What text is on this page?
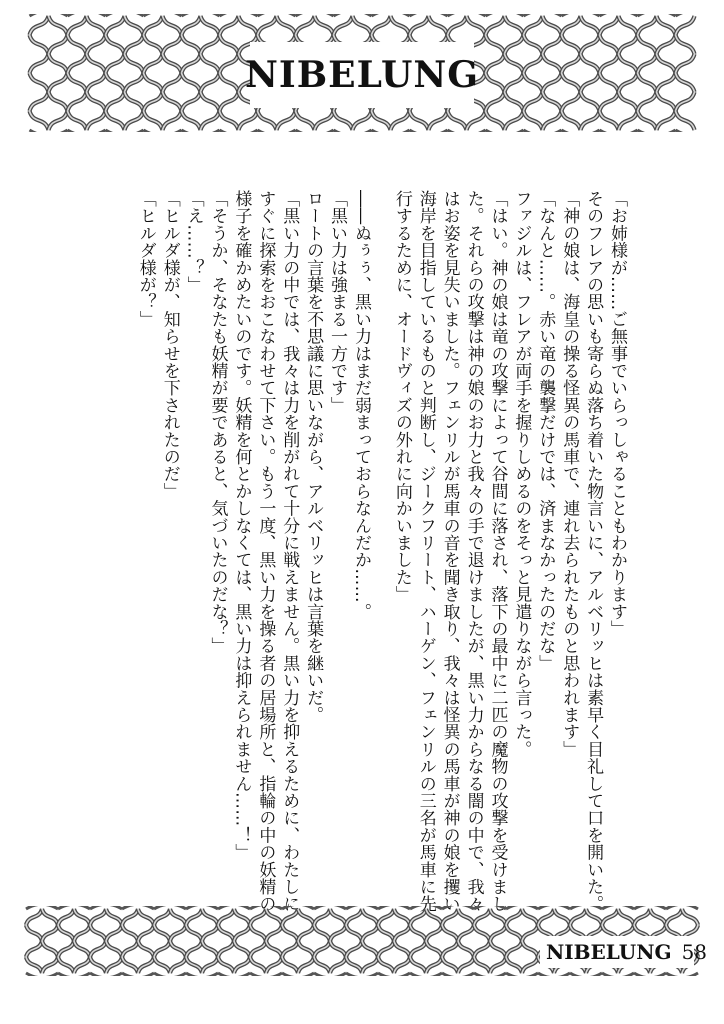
NIBELUNG
「お姉様が……ご無事でいらっしゃることもわかります」
そのフレアの思いも寄らぬ落ち着いた物言いに、アルベリッヒは素早く目礼して口を開いた。
「神の娘は、海皇の操る怪異の馬車で、連れ去られたものと思われます」
「なんと……。赤い竜の襲撃だけでは、済まなかったのだな」
ファジルは、フレアが両手を握りしめるのをそっと見遣りながら言った。
「はい。神の娘は竜の攻撃によって谷間に落され、落下の最中に二匹の魔物の攻撃を受けまし
た。それらの攻撃は神の娘のお力と我々の手で退けましたが、黒い力からなる闇の中で、我々
はお姿を見失いました。フェンリルが馬車の音を聞き取り、我々は怪異の馬車が神の娘を攫い
海岸を目指しているものと判断し、ジークフリート、ハーゲン、フェンリルの三名が馬車に先
行するために、オードヴィズの外れに向かいました」
――ぬぅぅ、黒い力はまだ弱まっておらなんだか……。
「黒い力は強まる一方です」
ロートの言葉を不思議に思いながら、アルベリッヒは言葉を継いだ。
「黒い力の中では、我々は力を削がれて十分に戦えません。黒い力を抑えるために、わたしに
すぐに探索をおこなわせて下さい。もう一度、黒い力を操る者の居場所と、指輪の中の妖精の
様子を確かめたいのです。妖精を何とかしなくては、黒い力は抑えられません……！」
「そうか、そなたも妖精が要であると、気づいたのだな？」
「え……？」
「ヒルダ様が、知らせを下されたのだ」
「ヒルダ様が？」
NIBELUNG 58
